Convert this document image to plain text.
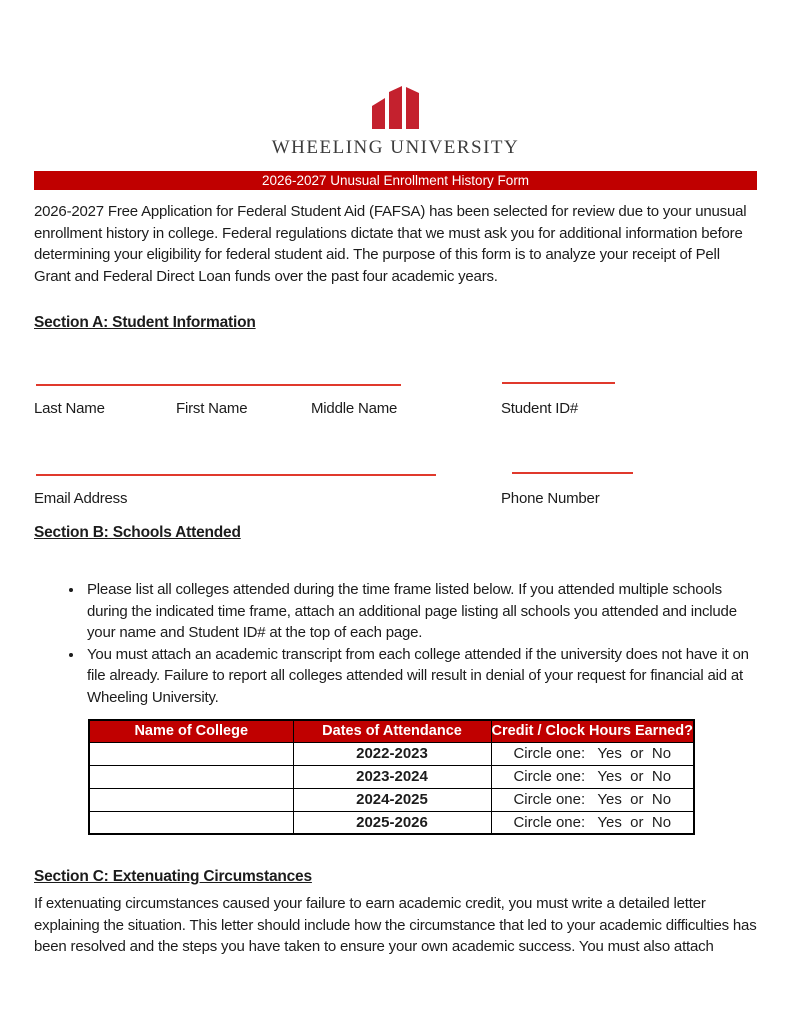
WHEELING UNIVERSITY
2026-2027 Unusual Enrollment History Form

2026-2027 Free Application for Federal Student Aid (FAFSA) has been selected for review due to your unusual enrollment history in college. Federal regulations dictate that we must ask you for additional information before determining your eligibility for federal student aid. The purpose of this form is to analyze your receipt of Pell Grant and Federal Direct Loan funds over the past four academic years.

Section A: Student Information
Last Name	First Name	Middle Name	Student ID#
Email Address	Phone Number
Section B: Schools Attended
• Please list all colleges attended during the time frame listed below. If you attended multiple schools during the indicated time frame, attach an additional page listing all schools you attended and include your name and Student ID# at the top of each page.
• You must attach an academic transcript from each college attended if the university does not have it on file already. Failure to report all colleges attended will result in denial of your request for financial aid at Wheeling University.
Name of College	Dates of Attendance	Credit / Clock Hours Earned?
	2022-2023	Circle one:   Yes  or  No
	2023-2024	Circle one:   Yes  or  No
	2024-2025	Circle one:   Yes  or  No
	2025-2026	Circle one:   Yes  or  No
Section C: Extenuating Circumstances

If extenuating circumstances caused your failure to earn academic credit, you must write a detailed letter explaining the situation. This letter should include how the circumstance that led to your academic difficulties has been resolved and the steps you have taken to ensure your own academic success. You must also attach
